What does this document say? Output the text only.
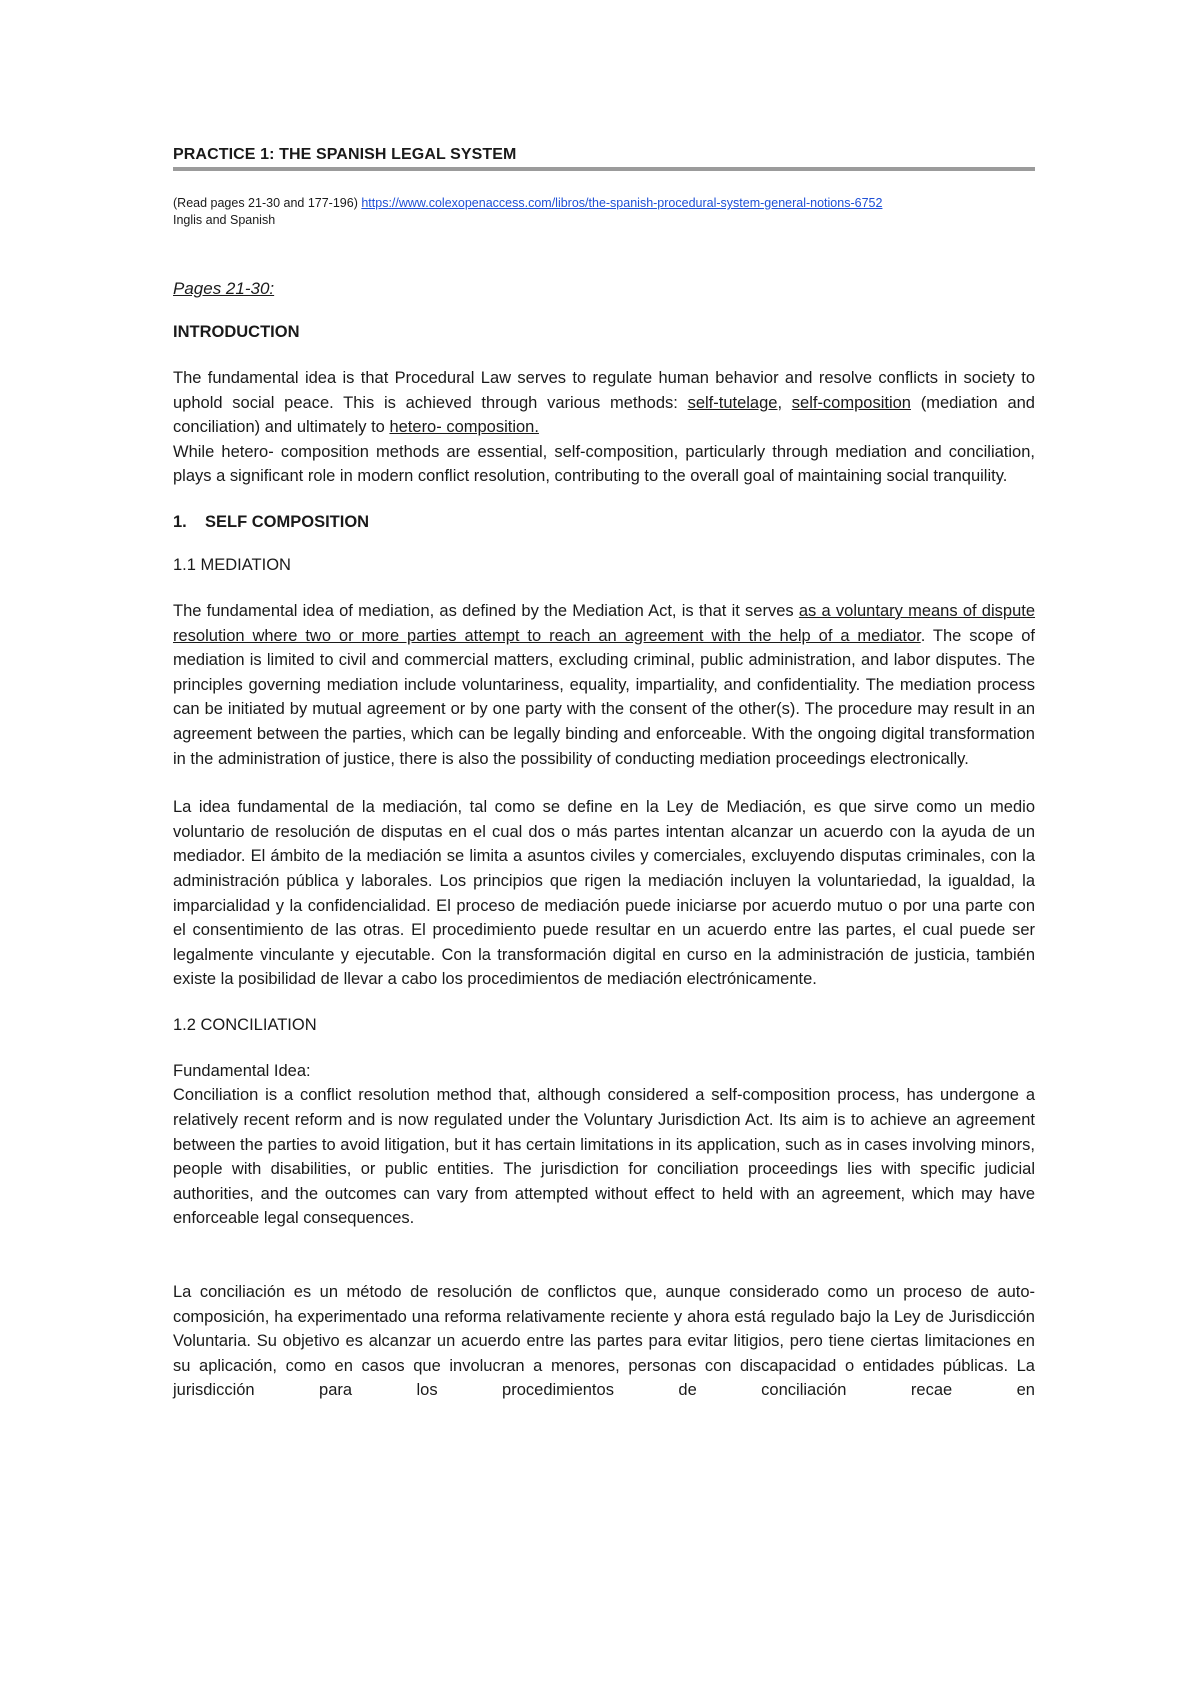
PRACTICE 1: THE SPANISH LEGAL SYSTEM
(Read pages 21-30 and 177-196) https://www.colexopenaccess.com/libros/the-spanish-procedural-system-general-notions-6752
Inglis and Spanish
Pages 21-30:
INTRODUCTION

The fundamental idea is that Procedural Law serves to regulate human behavior and resolve conflicts in society to uphold social peace. This is achieved through various methods: self-tutelage, self-composition (mediation and conciliation) and ultimately to hetero- composition.

While hetero- composition methods are essential, self-composition, particularly through mediation and conciliation, plays a significant role in modern conflict resolution, contributing to the overall goal of maintaining social tranquility.

1. SELF COMPOSITION
1.1 MEDIATION

The fundamental idea of mediation, as defined by the Mediation Act, is that it serves as a voluntary means of dispute resolution where two or more parties attempt to reach an agreement with the help of a mediator. The scope of mediation is limited to civil and commercial matters, excluding criminal, public administration, and labor disputes. The principles governing mediation include voluntariness, equality, impartiality, and confidentiality. The mediation process can be initiated by mutual agreement or by one party with the consent of the other(s). The procedure may result in an agreement between the parties, which can be legally binding and enforceable. With the ongoing digital transformation in the administration of justice, there is also the possibility of conducting mediation proceedings electronically.

La idea fundamental de la mediación, tal como se define en la Ley de Mediación, es que sirve como un medio voluntario de resolución de disputas en el cual dos o más partes intentan alcanzar un acuerdo con la ayuda de un mediador. El ámbito de la mediación se limita a asuntos civiles y comerciales, excluyendo disputas criminales, con la administración pública y laborales. Los principios que rigen la mediación incluyen la voluntariedad, la igualdad, la imparcialidad y la confidencialidad. El proceso de mediación puede iniciarse por acuerdo mutuo o por una parte con el consentimiento de las otras. El procedimiento puede resultar en un acuerdo entre las partes, el cual puede ser legalmente vinculante y ejecutable. Con la transformación digital en curso en la administración de justicia, también existe la posibilidad de llevar a cabo los procedimientos de mediación electrónicamente.

1.2 CONCILIATION
Fundamental Idea:

Conciliation is a conflict resolution method that, although considered a self-composition process, has undergone a relatively recent reform and is now regulated under the Voluntary Jurisdiction Act. Its aim is to achieve an agreement between the parties to avoid litigation, but it has certain limitations in its application, such as in cases involving minors, people with disabilities, or public entities. The jurisdiction for conciliation proceedings lies with specific judicial authorities, and the outcomes can vary from attempted without effect to held with an agreement, which may have enforceable legal consequences.

La conciliación es un método de resolución de conflictos que, aunque considerado como un proceso de auto-composición, ha experimentado una reforma relativamente reciente y ahora está regulado bajo la Ley de Jurisdicción Voluntaria. Su objetivo es alcanzar un acuerdo entre las partes para evitar litigios, pero tiene ciertas limitaciones en su aplicación, como en casos que involucran a menores, personas con discapacidad o entidades públicas. La jurisdicción para los procedimientos de conciliación recae en
